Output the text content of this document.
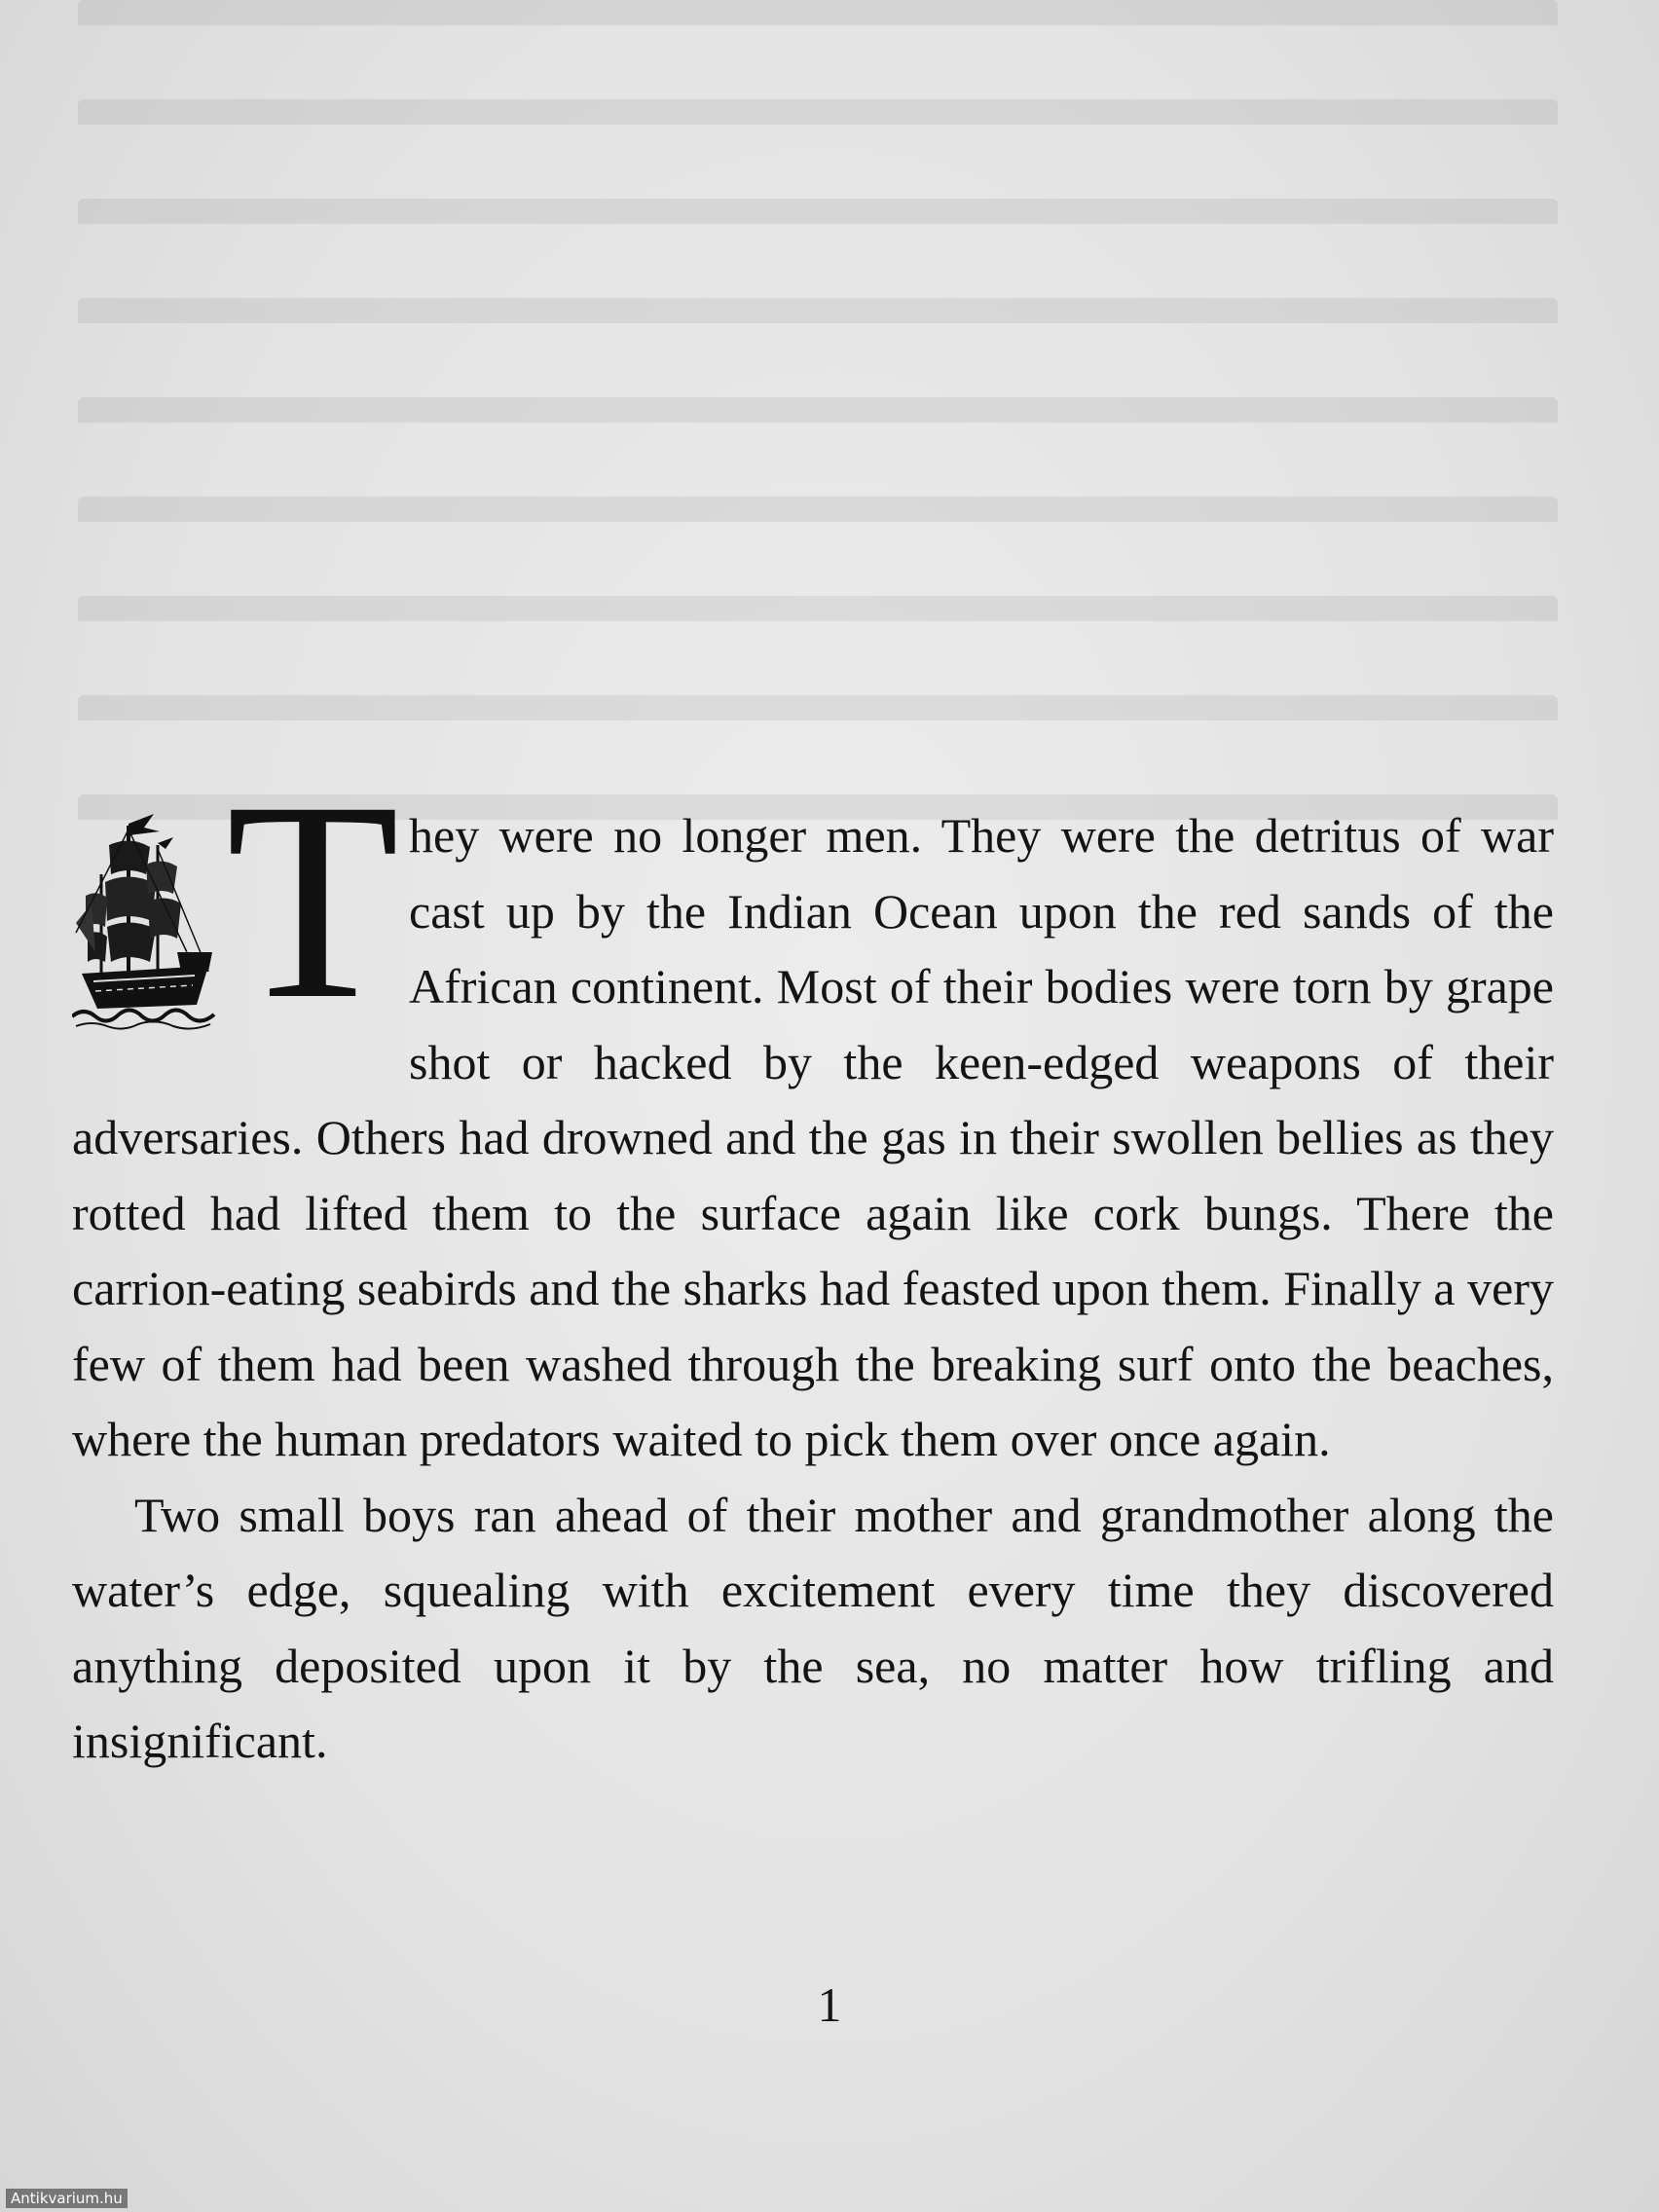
T hey were no longer men. They were the detritus of war cast up by the Indian Ocean upon the red sands of the African continent. Most of their bodies were torn by grape shot or hacked by the keen-edged weapons of their adversaries. Others had drowned and the gas in their swollen bellies as they rotted had lifted them to the surface again like cork bungs. There the carrion-eating seabirds and the sharks had feasted upon them. Finally a very few of them had been washed through the breaking surf onto the beaches, where the human predators waited to pick them over once again.

Two small boys ran ahead of their mother and grandmother along the water’s edge, squealing with excitement every time they discovered anything deposited upon it by the sea, no matter how trifling and insignificant.

1
Antikvarium.hu
